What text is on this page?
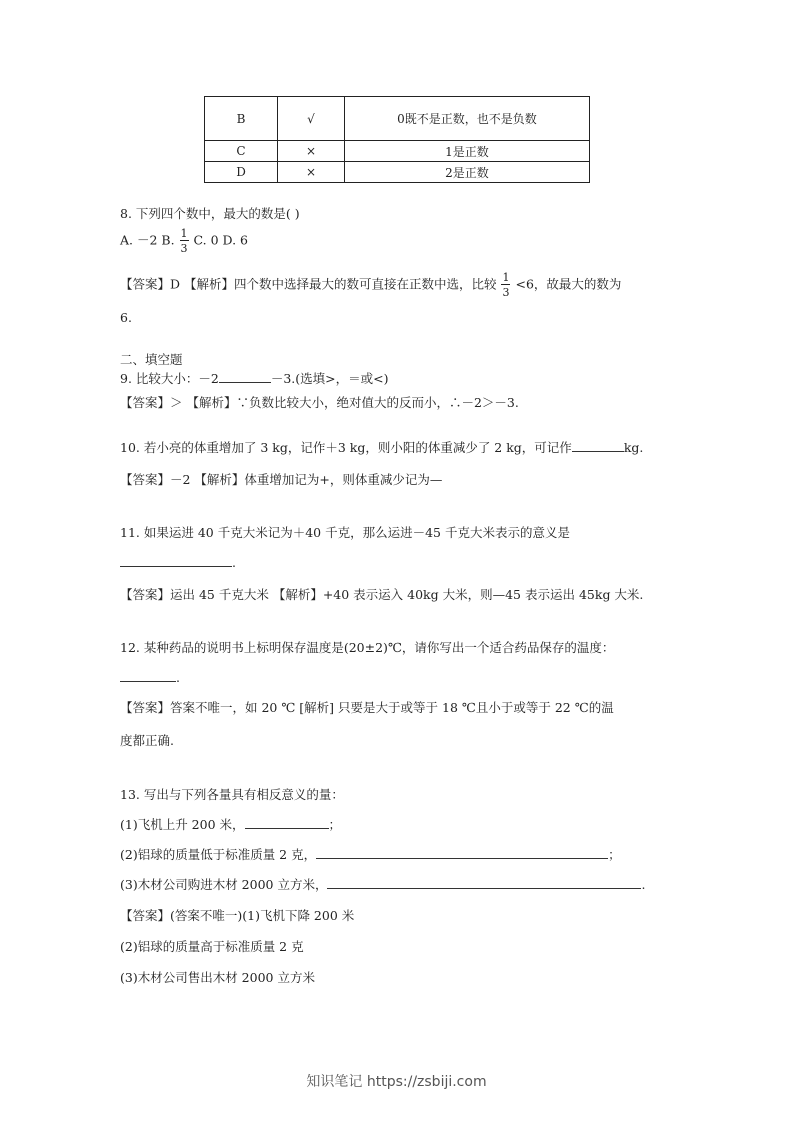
B	√	0既不是正数，也不是负数
C	×	1是正数
D	×	2是正数
8. 下列四个数中，最大的数是( )
A. －2 B. $\frac{1}{3} C$. 0 D. 6
【答案】D 【解析】四个数中选择最大的数可直接在正数中选，比较 $\frac{1}{3} <6$，故最大的数为
6.
二、填空题
9. 比较大小：－2	－3.(选填>，＝或<)
【答案】＞ 【解析】∵负数比较大小，绝对值大的反而小，∴－2＞－3.
10. 若小亮的体重增加了 3 kg，记作＋3 kg，则小阳的体重减少了 2 kg，可记作	kg.
【答案】－2 【解析】体重增加记为+，则体重减少记为—
11. 如果运进 40 千克大米记为＋40 千克，那么运进－45 千克大米表示的意义是
.
【答案】运出 45 千克大米 【解析】+40 表示运入 40kg 大米，则—45 表示运出 45kg 大米.
12. 某种药品的说明书上标明保存温度是(20±2)℃，请你写出一个适合药品保存的温度：
.
【答案】答案不唯一，如 20 ℃ [解析] 只要是大于或等于 18 ℃且小于或等于 22 ℃的温
度都正确.
13. 写出与下列各量具有相反意义的量：
(1)飞机上升 200 米，	；
(2)铝球的质量低于标准质量 2 克，	；
(3)木材公司购进木材 2000 立方米，	.
【答案】(答案不唯一)(1)飞机下降 200 米
(2)铝球的质量高于标准质量 2 克
(3)木材公司售出木材 2000 立方米
知识笔记 https://zsbiji.com
